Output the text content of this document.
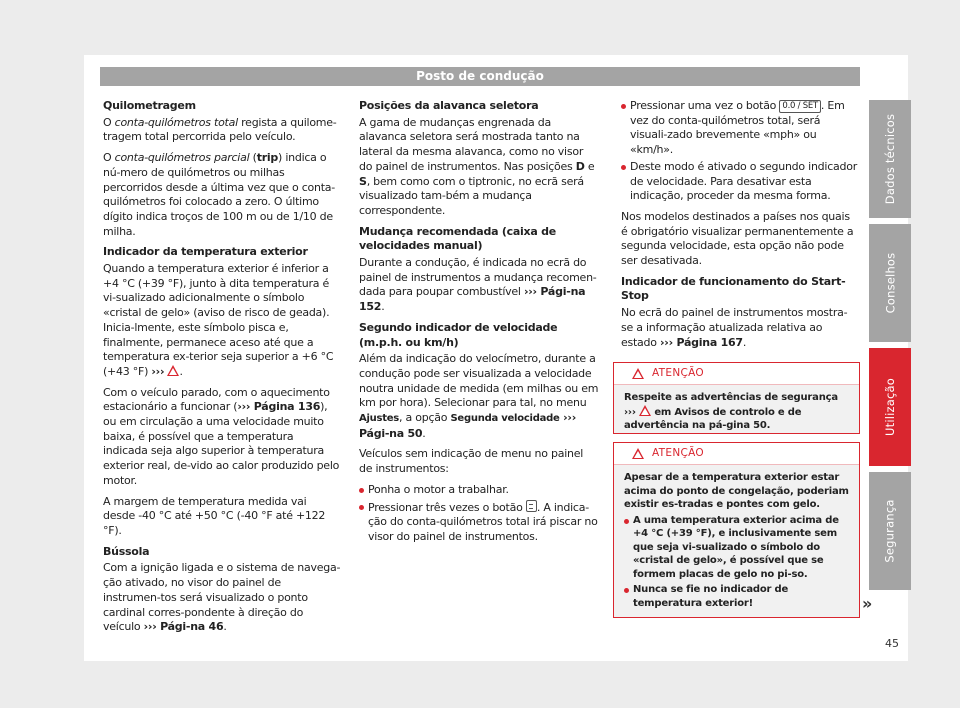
Posto de condução
Quilometragem

O conta-quilómetros total regista a quilome-tragem total percorrida pelo veículo.

O conta-quilómetros parcial (trip) indica o nú-mero de quilómetros ou milhas percorridos desde a última vez que o conta-quilómetros foi colocado a zero. O último dígito indica troços de 100 m ou de 1/10 de milha.

Indicador da temperatura exterior

Quando a temperatura exterior é inferior a +4 °C (+39 °F), junto à dita temperatura é vi-sualizado adicionalmente o símbolo «cristal de gelo» (aviso de risco de geada). Inicia-lmente, este símbolo pisca e, finalmente, permanece aceso até que a temperatura ex-terior seja superior a +6 °C (+43 °F) ››› .

Com o veículo parado, com o aquecimento estacionário a funcionar (››› Página 136), ou em circulação a uma velocidade muito baixa, é possível que a temperatura indicada seja algo superior à temperatura exterior real, de-vido ao calor produzido pelo motor.

A margem de temperatura medida vai desde -40 °C até +50 °C (-40 °F até +122 °F).

Bússola

Com a ignição ligada e o sistema de navega-ção ativado, no visor do painel de instrumen-tos será visualizado o ponto cardinal corres-pondente à direção do veículo ››› Pági-na 46.

Posições da alavanca seletora

A gama de mudanças engrenada da alavanca seletora será mostrada tanto na lateral da mesma alavanca, como no visor do painel de instrumentos. Nas posições D e S, bem como com o tiptronic, no ecrã será visualizado tam-bém a mudança correspondente.

Mudança recomendada (caixa de velocidades manual)

Durante a condução, é indicada no ecrã do painel de instrumentos a mudança recomen-dada para poupar combustível ››› Pági-na 152.

Segundo indicador de velocidade (m.p.h. ou km/h)

Além da indicação do velocímetro, durante a condução pode ser visualizada a velocidade noutra unidade de medida (em milhas ou em km por hora). Selecionar para tal, no menu Ajustes, a opção Segunda velocidade ››› Pági-na 50.

Veículos sem indicação de menu no painel de instrumentos:

Ponha o motor a trabalhar.
Pressionar três vezes o botão . A indica-ção do conta-quilómetros total irá piscar no visor do painel de instrumentos.
Pressionar uma vez o botão 0.0 / SET . Em vez do conta-quilómetros total, será visuali-zado brevemente «mph» ou «km/h».
Deste modo é ativado o segundo indicador de velocidade. Para desativar esta indicação, proceder da mesma forma.

Nos modelos destinados a países nos quais é obrigatório visualizar permanentemente a segunda velocidade, esta opção não pode ser desativada.

Indicador de funcionamento do Start-Stop

No ecrã do painel de instrumentos mostra-se a informação atualizada relativa ao estado ››› Página 167.

ATENÇÃO
Respeite as advertências de segurança ›››  em Avisos de controlo e de advertência na pá-gina 50.
ATENÇÃO

Apesar de a temperatura exterior estar acima do ponto de congelação, poderiam existir es-tradas e pontes com gelo.

A uma temperatura exterior acima de +4 °C (+39 °F), e inclusivamente sem que seja vi-sualizado o símbolo do «cristal de gelo», é possível que se formem placas de gelo no pi-so.
Nunca se fie no indicador de temperatura exterior!	»
Dados técnicos
Conselhos
Utilização
Segurança
45
